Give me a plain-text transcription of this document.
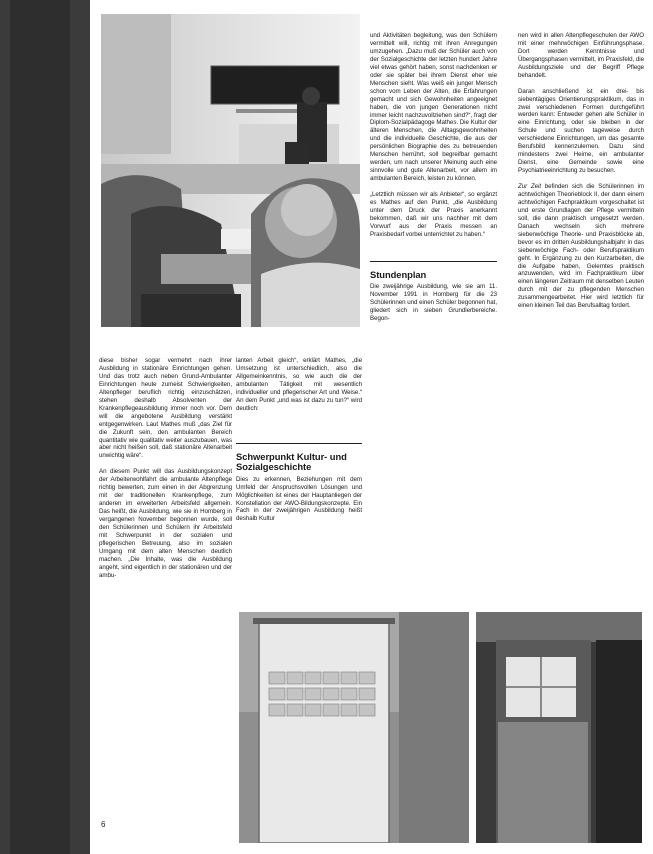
diese bisher sogar vermehrt nach ihrer Ausbildung in stationäre Einrichtungen gehen. Und das trotz auch neben Grund-Ambulanter Einrichtungen heute zumeist Schwierigkeiten, Altenpfleger beruflich richtig einzuschätzen, stehen deshalb Absolventen der Krankenpflegeausbildung immer noch vor. Dem will die angebotene Ausbildung verstärkt entgegenwirken. Laut Mathes muß „das Ziel für die Zukunft sein, den ambulanten Bereich quantitativ wie qualitativ weiter auszubauen, was aber nicht heißen soll, daß stationäre Altenarbeit unwichtig wäre“.

An diesem Punkt will das Ausbildungskonzept der Arbeiterwohlfahrt die ambulante Altenpflege richtig bewerten, zum einen in der Abgrenzung mit der traditionellen Krankenpflege, zum anderen im erweiterten Arbeitsfeld allgemein. Das heißt, die Ausbildung, wie sie in Homberg in vergangenen November begonnen wurde, soll den Schülerinnen und Schülern ihr Arbeitsfeld mit Schwerpunkt in der sozialen und pflegerischen Betreuung, also im sozialen Umgang mit dem alten Menschen deutlich machen. „Die Inhalte, was die Ausbildung angeht, sind eigentlich in der stationären und der ambu-

lanten Arbeit gleich“, erklärt Mathes, „die Umsetzung ist unterschiedlich, also die Allgemeinkenntnis, so wie auch die der ambulanten Tätigkeit mit wesentlich individueller und pflegerischer Art und Weise.“ An dem Punkt „und was ist dazu zu tun?“ wird deutlich:

Schwerpunkt Kultur- und Sozialgeschichte

Dies zu erkennen, Beziehungen mit dem Umfeld der Anspruchsvollen Lösungen und Möglichkeiten ist eines der Hauptanliegen der Konstellation der AWO-Bildungskonzepte. Ein Fach in der zweijährigen Ausbildung heißt deshalb Kultur

und Aktivitäten begleitung, was den Schülern vermittelt will, richtig mit ihren Anregungen umzugehen. „Dazu muß der Schüler auch von der Sozialgeschichte der letzten hundert Jahre viel etwas gehört haben, sonst nachdenken er oder sie später bei ihrem Dienst eher wie Menschen sieht. Was weiß ein junger Mensch schon vom Leben der Alten, die Erfahrungen gemacht und sich Gewohnheiten angeeignet haben, die von jungen Generationen nicht immer leicht nachzuvollziehen sind?“, fragt der Diplom-Sozialpädagoge Mathes. Die Kultur der älteren Menschen, die Alltagsgewohnheiten und die individuelle Geschichte, die aus der persönlichen Biographie des zu betreuenden Menschen herrührt, soll begreifbar gemacht werden, um nach unserer Meinung auch eine sinnvolle und gute Altenarbeit, vor allem im ambulanten Bereich, leisten zu können.

„Letztlich müssen wir als Anbieter“, so ergänzt es Mathes auf den Punkt, „die Ausbildung unter dem Druck der Praxis anerkannt bekommen, daß wir uns nachher mit dem Vorwurf aus der Praxis messen an Praxisbedarf vorbei unterrichtet zu haben.“

Stundenplan

Die zweijährige Ausbildung, wie sie am 11. November 1991 in Homberg für die 23 Schülerinnen und einen Schüler begonnen hat, gliedert sich in sieben Grundlerbereiche. Begon-

nen wird in allen Altenpflegeschulen der AWO mit einer mehrwöchigen Einführungsphase. Dort werden Kenntnisse und Übergangsphasen vermittelt, im Praxisfeld, die Ausbildungsziele und der Begriff Pflege behandelt.

Daran anschließend ist ein drei- bis siebentägiges Orientierungspraktikum, das in zwei verschiedenen Formen durchgeführt werden kann: Entweder gehen alle Schüler in eine Einrichtung, oder sie bleiben in der Schule und suchen tageweise durch verschiedene Einrichtungen, um das gesamte Berufsbild kennenzulernen. Dazu sind mindestens zwei Heime, ein ambulanter Dienst, eine Gemeinde sowie eine Psychiatrieeinrichtung zu besuchen.

Zur Zeit befinden sich die Schülerinnen im achtwöchigen Theorieblock II, der dann einem achtwöchigen Fachpraktikum vorgeschaltet ist und erste Grundlagen der Pflege vermitteln soll, die dann praktisch umgesetzt werden. Danach wechseln sich mehrere siebenwöchige Theorie- und Praxisblöcke ab, bevor es im dritten Ausbildungshalbjahr in das siebenwöchige Fach- oder Berufspraktikum geht. In Ergänzung zu den Kurzarbeiten, die die Aufgabe haben, Gelerntes praktisch anzuwenden, wird im Fachpraktikum über einen längeren Zeitraum mit denselben Leuten durch mit der zu pflegenden Menschen zusammengearbeitet. Hier wird letztlich für einen kleinen Teil das Berufsalltag fordert.

6
